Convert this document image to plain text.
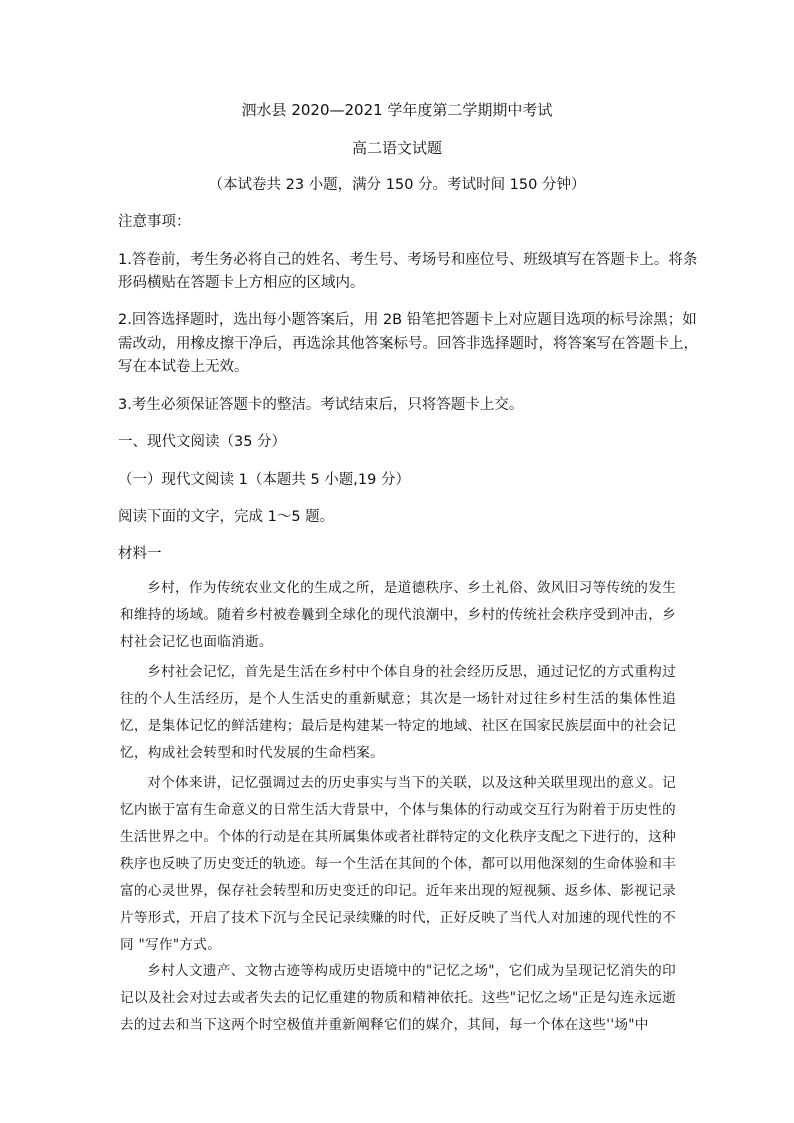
泗水县 2020—2021 学年度第二学期期中考试
高二语文试题
（本试卷共 23 小题，满分 150 分。考试时间 150 分钟）
注意事项：
1.答卷前，考生务必将自己的姓名、考生号、考场号和座位号、班级填写在答题卡上。将条
形码横贴在答题卡上方相应的区域内。
2.回答选择题时，选出每小题答案后，用 2B 铅笔把答题卡上对应题目选项的标号涂黑；如
需改动，用橡皮擦干净后，再选涂其他答案标号。回答非选择题时，将答案写在答题卡上，
写在本试卷上无效。
3.考生必须保证答题卡的整洁。考试结束后，只将答题卡上交。
一、现代文阅读（35 分）
（一）现代文阅读 1（本题共 5 小题,19 分）
阅读下面的文字，完成 1～5 题。
材料一
乡村，作为传统农业文化的生成之所，是道德秩序、乡土礼俗、敛风旧习等传统的发生和维持的场域。随着乡村被卷曩到全球化的现代浪潮中，乡村的传统社会秩序受到冲击，乡村社会记忆也面临消逝。
乡村社会记忆，首先是生活在乡村中个体自身的社会经历反思，通过记忆的方式重构过往的个人生活经历，是个人生活史的重新赋意；其次是一场针对过往乡村生活的集体性追忆，是集体记忆的鲜活建构；最后是构建某一特定的地域、社区在国家民族层面中的社会记忆，构成社会转型和时代发展的生命档案。
对个体来讲，记忆强调过去的历史事实与当下的关联，以及这种关联里现出的意义。记忆内嵌于富有生命意义的日常生活大背景中，个体与集体的行动或交互行为附着于历史性的生活世界之中。个体的行动是在其所属集体或者社群特定的文化秩序支配之下进行的，这种秩序也反映了历史变迁的轨迹。每一个生活在其间的个体，都可以用他深刻的生命体验和丰富的心灵世界，保存社会转型和历史变迁的印记。近年来出现的短视频、返乡体、影视记录片等形式，开启了技术下沉与全民记录续赚的时代，正好反映了当代人对加速的现代性的不同 "写作"方式。
乡村人文遗产、文物古迹等构成历史语境中的"记忆之场"，它们成为呈现记忆消失的印记以及社会对过去或者失去的记忆重建的物质和精神依托。这些"记忆之场"正是勾连永远逝去的过去和当下这两个时空极值并重新阐释它们的媒介，其间，每一个体在这些''场"中
